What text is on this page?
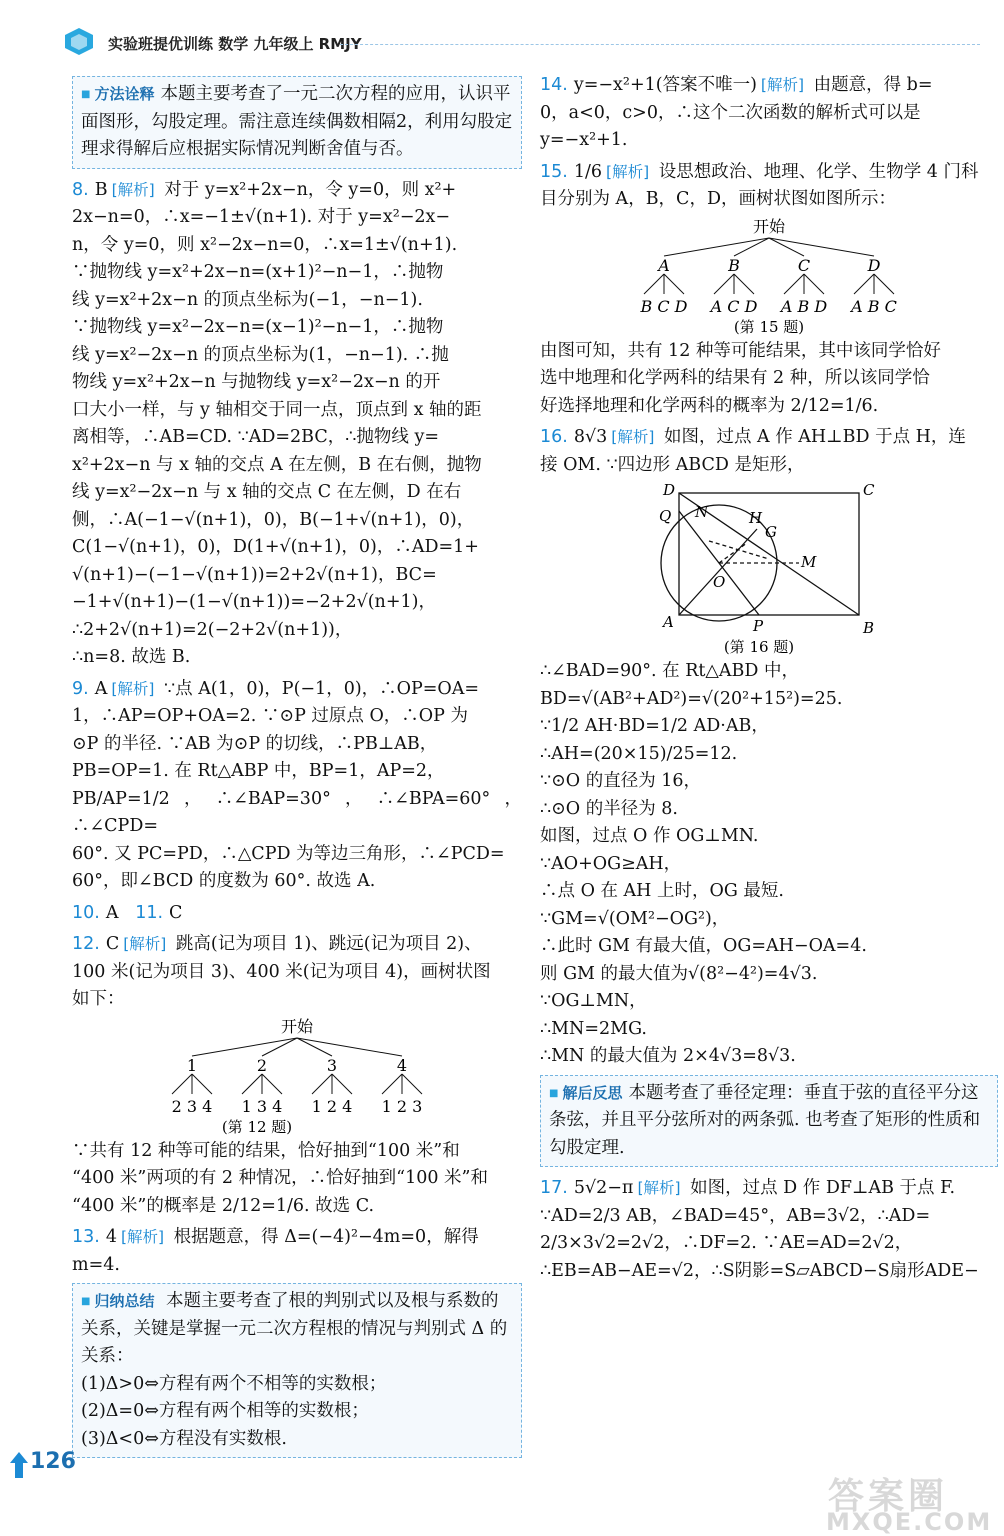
实验班提优训练 数学 九年级上 RMJY
■ 方法诠释 本题主要考查了一元二次方程的应用，认识平面图形，勾股定理。需注意连续偶数相隔2，利用勾股定理求得解后应根据实际情况判断舍值与否。
8. B [解析] 对于 y=x²+2x−n，令 y=0，则 x²+
2x−n=0，∴x=−1±√(n+1). 对于 y=x²−2x−
n，令 y=0，则 x²−2x−n=0，∴x=1±√(n+1).
∵抛物线 y=x²+2x−n=(x+1)²−n−1，∴抛物
线 y=x²+2x−n 的顶点坐标为(−1，−n−1).
∵抛物线 y=x²−2x−n=(x−1)²−n−1，∴抛物
线 y=x²−2x−n 的顶点坐标为(1，−n−1). ∴抛
物线 y=x²+2x−n 与抛物线 y=x²−2x−n 的开
口大小一样，与 y 轴相交于同一点，顶点到 x 轴的距
离相等，∴AB=CD. ∵AD=2BC，∴抛物线 y=
x²+2x−n 与 x 轴的交点 A 在左侧，B 在右侧，抛物
线 y=x²−2x−n 与 x 轴的交点 C 在左侧，D 在右
侧，∴A(−1−√(n+1)，0)，B(−1+√(n+1)，0)，
C(1−√(n+1)，0)，D(1+√(n+1)，0)，∴AD=1+
√(n+1)−(−1−√(n+1))=2+2√(n+1)，BC=
−1+√(n+1)−(1−√(n+1))=−2+2√(n+1)，
∴2+2√(n+1)=2(−2+2√(n+1))，
∴n=8. 故选 B.
9. A [解析] ∵点 A(1，0)，P(−1，0)，∴OP=OA=
1，∴AP=OP+OA=2. ∵⊙P 过原点 O，∴OP 为
⊙P 的半径. ∵AB 为⊙P 的切线，∴PB⊥AB，
PB=OP=1. 在 Rt△ABP 中，BP=1，AP=2，
PB/AP=1/2，∴∠BAP=30°，∴∠BPA=60°，∴∠CPD=
60°. 又 PC=PD，∴△CPD 为等边三角形，∴∠PCD=
60°，即∠BCD 的度数为 60°. 故选 A.
10. A 11. C
12. C [解析] 跳高(记为项目 1)、跳远(记为项目 2)、
100 米(记为项目 3)、400 米(记为项目 4)，画树状图
如下：
开始
1	2	3	4
2 3 4 1 3 4 1 2 4 1 2 3
(第 12 题)
∵共有 12 种等可能的结果，恰好抽到“100 米”和
“400 米”两项的有 2 种情况，∴恰好抽到“100 米”和
“400 米”的概率是 2/12=1/6. 故选 C.
13. 4 [解析] 根据题意，得 Δ=(−4)²−4m=0，解得
m=4.
■ 归纳总结 本题主要考查了根的判别式以及根与系数的关系，关键是掌握一元二次方程根的情况与判别式 Δ 的关系：
(1)Δ>0⇔方程有两个不相等的实数根；
(2)Δ=0⇔方程有两个相等的实数根；
(3)Δ<0⇔方程没有实数根.
14. y=−x²+1(答案不唯一) [解析] 由题意，得 b=
0，a<0，c>0，∴这个二次函数的解析式可以是
y=−x²+1.
15. 1/6 [解析] 设思想政治、地理、化学、生物学 4 门科
目分别为 A，B，C，D，画树状图如图所示：
开始
A	B	C	D
B C D A C D A B D A B C
(第 15 题)
由图可知，共有 12 种等可能结果，其中该同学恰好
选中地理和化学两科的结果有 2 种，所以该同学恰
好选择地理和化学两科的概率为 2/12=1/6.
16. 8√3 [解析] 如图，过点 A 作 AH⊥BD 于点 H，连
接 OM. ∵四边形 ABCD 是矩形，
D	C
Q N	H
G
M
O
A	P	B
(第 16 题)
∴∠BAD=90°. 在 Rt△ABD 中，
BD=√(AB²+AD²)=√(20²+15²)=25.
∵1/2 AH·BD=1/2 AD·AB，
∴AH=(20×15)/25=12.
∵⊙O 的直径为 16，
∴⊙O 的半径为 8.
如图，过点 O 作 OG⊥MN.
∵AO+OG≥AH，
∴点 O 在 AH 上时，OG 最短.
∵GM=√(OM²−OG²)，
∴此时 GM 有最大值，OG=AH−OA=4.
则 GM 的最大值为√(8²−4²)=4√3.
∵OG⊥MN，
∴MN=2MG.
∴MN 的最大值为 2×4√3=8√3.
■ 解后反思 本题考查了垂径定理：垂直于弦的直径平分这条弦，并且平分弦所对的两条弧. 也考查了矩形的性质和勾股定理.
17. 5√2−π [解析] 如图，过点 D 作 DF⊥AB 于点 F.
∵AD=2/3 AB，∠BAD=45°，AB=3√2，∴AD=
2/3×3√2=2√2，∴DF=2. ∵AE=AD=2√2，
∴EB=AB−AE=√2，∴S阴影=S▱ABCD−S扇形ADE−
126
答案圈
MXQE.COM
